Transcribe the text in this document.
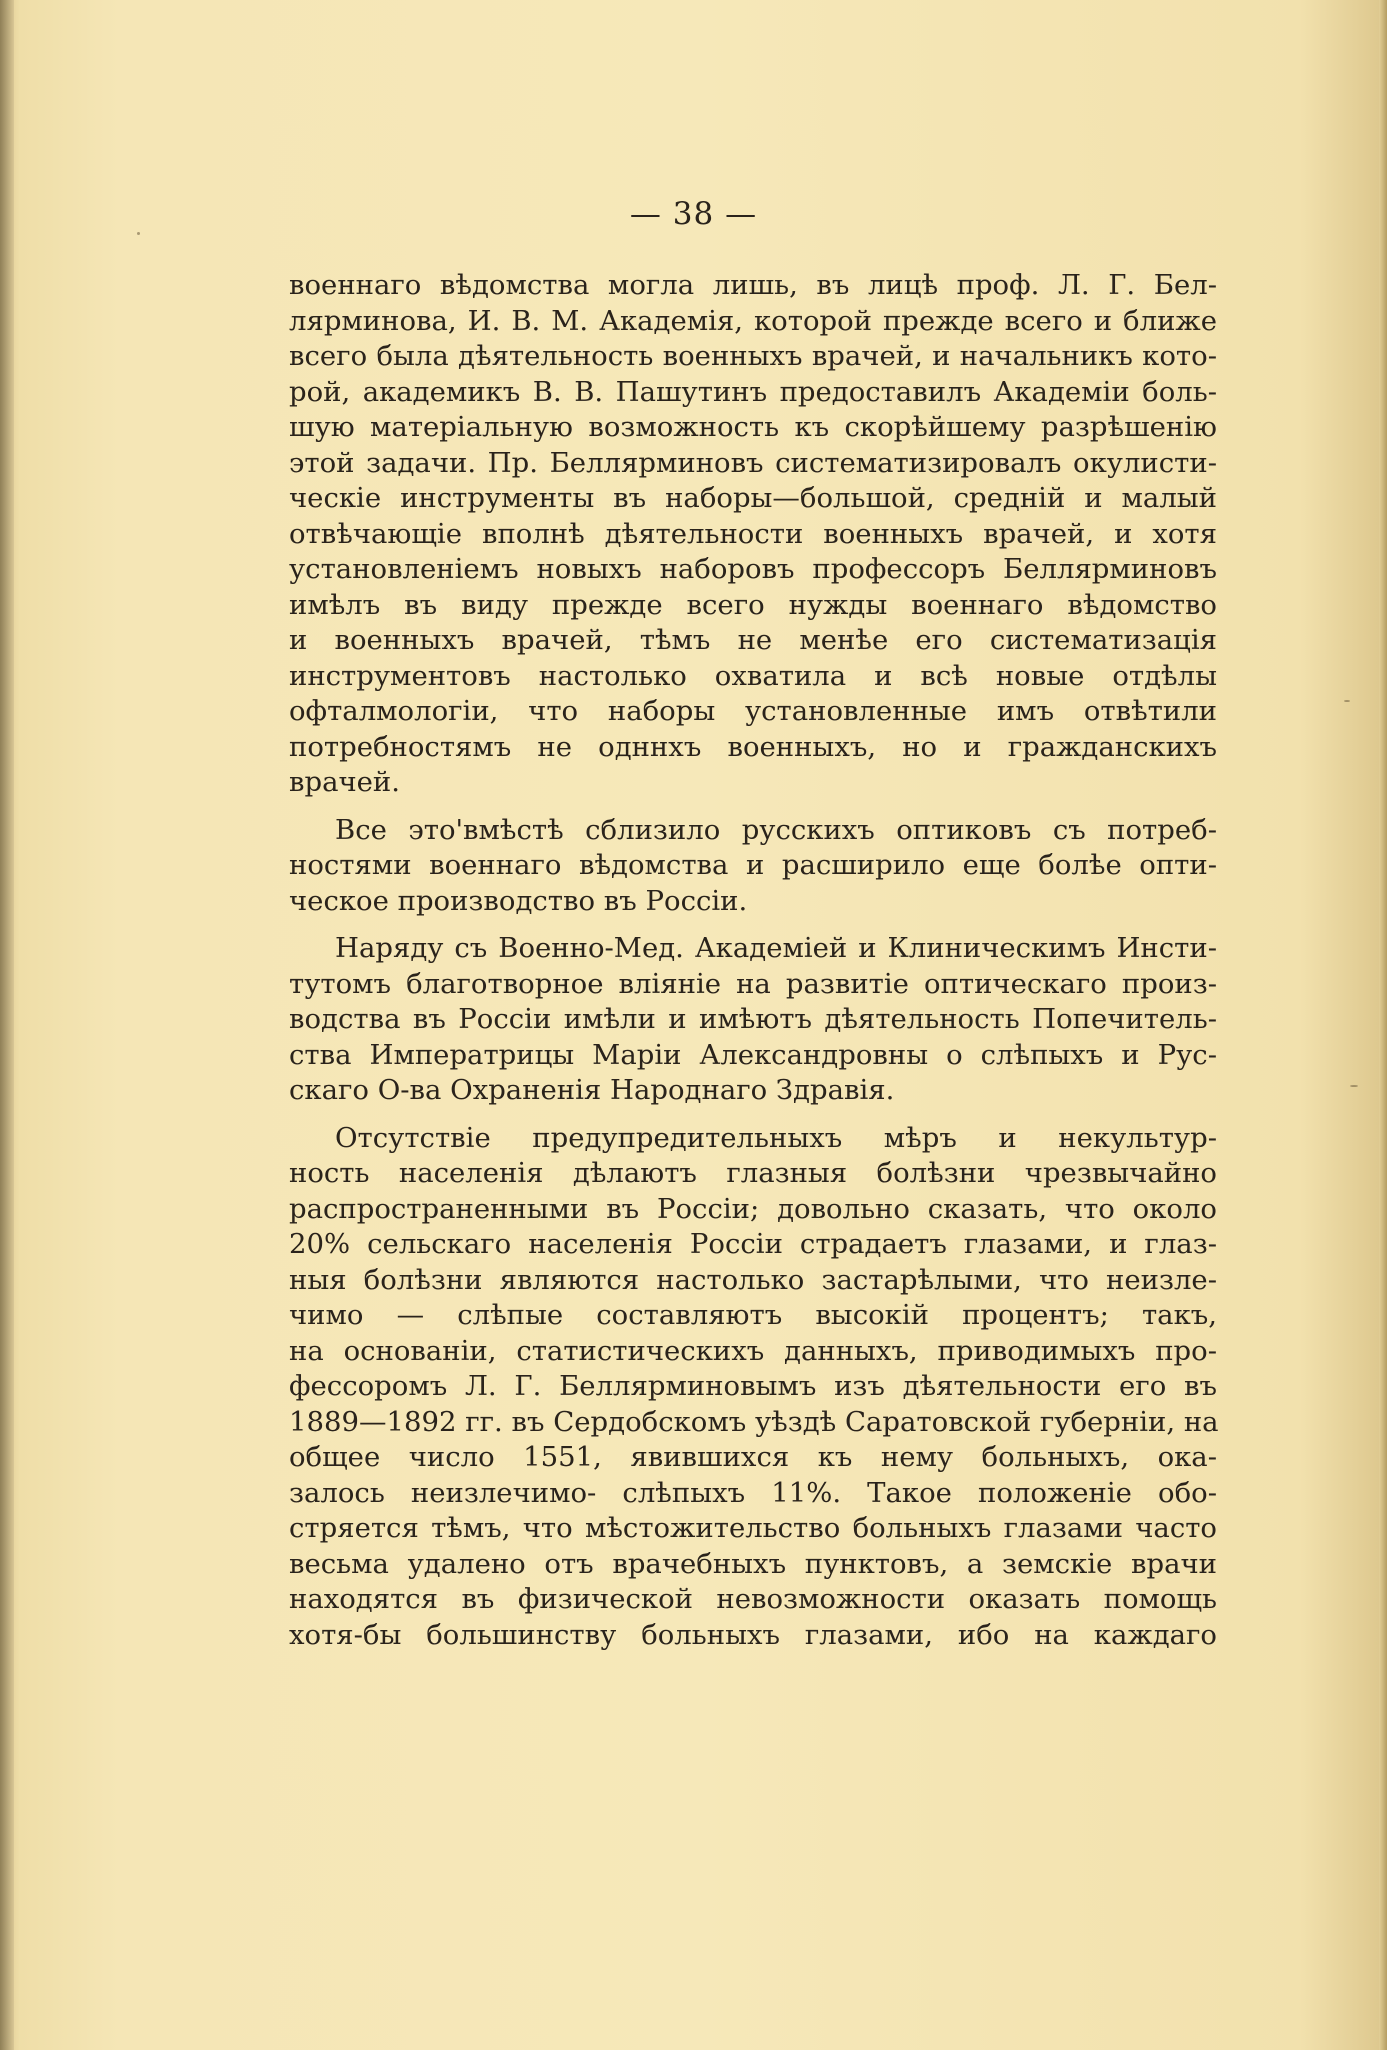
— 38 —
военнаго вѣдомства могла лишь, въ лицѣ проф. Л. Г. Бел-
лярминова, И. В. М. Академія, которой прежде всего и ближе
всего была дѣятельность военныхъ врачей, и начальникъ кото-
рой, академикъ В. В. Пашутинъ предоставилъ Академіи боль-
шую матеріальную возможность къ скорѣйшему разрѣшенію
этой задачи. Пр. Беллярминовъ систематизировалъ окулисти-
ческіе инструменты въ наборы—большой, средній и малый
отвѣчающіе вполнѣ дѣятельности военныхъ врачей, и хотя
установленіемъ новыхъ наборовъ профессоръ Беллярминовъ
имѣлъ въ виду прежде всего нужды военнаго вѣдомство
и военныхъ врачей, тѣмъ не менѣе его систематизація
инструментовъ настолько охватила и всѣ новые отдѣлы
офталмологіи, что наборы установленные имъ отвѣтили
потребностямъ не одннхъ военныхъ, но и гражданскихъ
врачей.
Все это'вмѣстѣ сблизило русскихъ оптиковъ съ потреб-
ностями военнаго вѣдомства и расширило еще болѣе опти-
ческое производство въ Россіи.
Наряду съ Военно-Мед. Академіей и Клиническимъ Инсти-
тутомъ благотворное вліяніе на развитіе оптическаго произ-
водства въ Россіи имѣли и имѣютъ дѣятельность Попечитель-
ства Императрицы Маріи Александровны о слѣпыхъ и Рус-
скаго О-ва Охраненія Народнаго Здравія.
Отсутствіе предупредительныхъ мѣръ и некультур-
ность населенія дѣлаютъ глазныя болѣзни чрезвычайно
распространенными въ Россіи; довольно сказать, что около
20% сельскаго населенія Россіи страдаетъ глазами, и глаз-
ныя болѣзни являются настолько застарѣлыми, что неизле-
чимо — слѣпые составляютъ высокій процентъ; такъ,
на основаніи, статистическихъ данныхъ, приводимыхъ про-
фессоромъ Л. Г. Беллярминовымъ изъ дѣятельности его въ
1889—1892 гг. въ Сердобскомъ уѣздѣ Саратовской губерніи, на
общее число 1551, явившихся къ нему больныхъ, ока-
залось неизлечимо- слѣпыхъ 11%. Такое положеніе обо-
стряется тѣмъ, что мѣстожительство больныхъ глазами часто
весьма удалено отъ врачебныхъ пунктовъ, а земскіе врачи
находятся въ физической невозможности оказать помощь
хотя-бы большинству больныхъ глазами, ибо на каждаго
